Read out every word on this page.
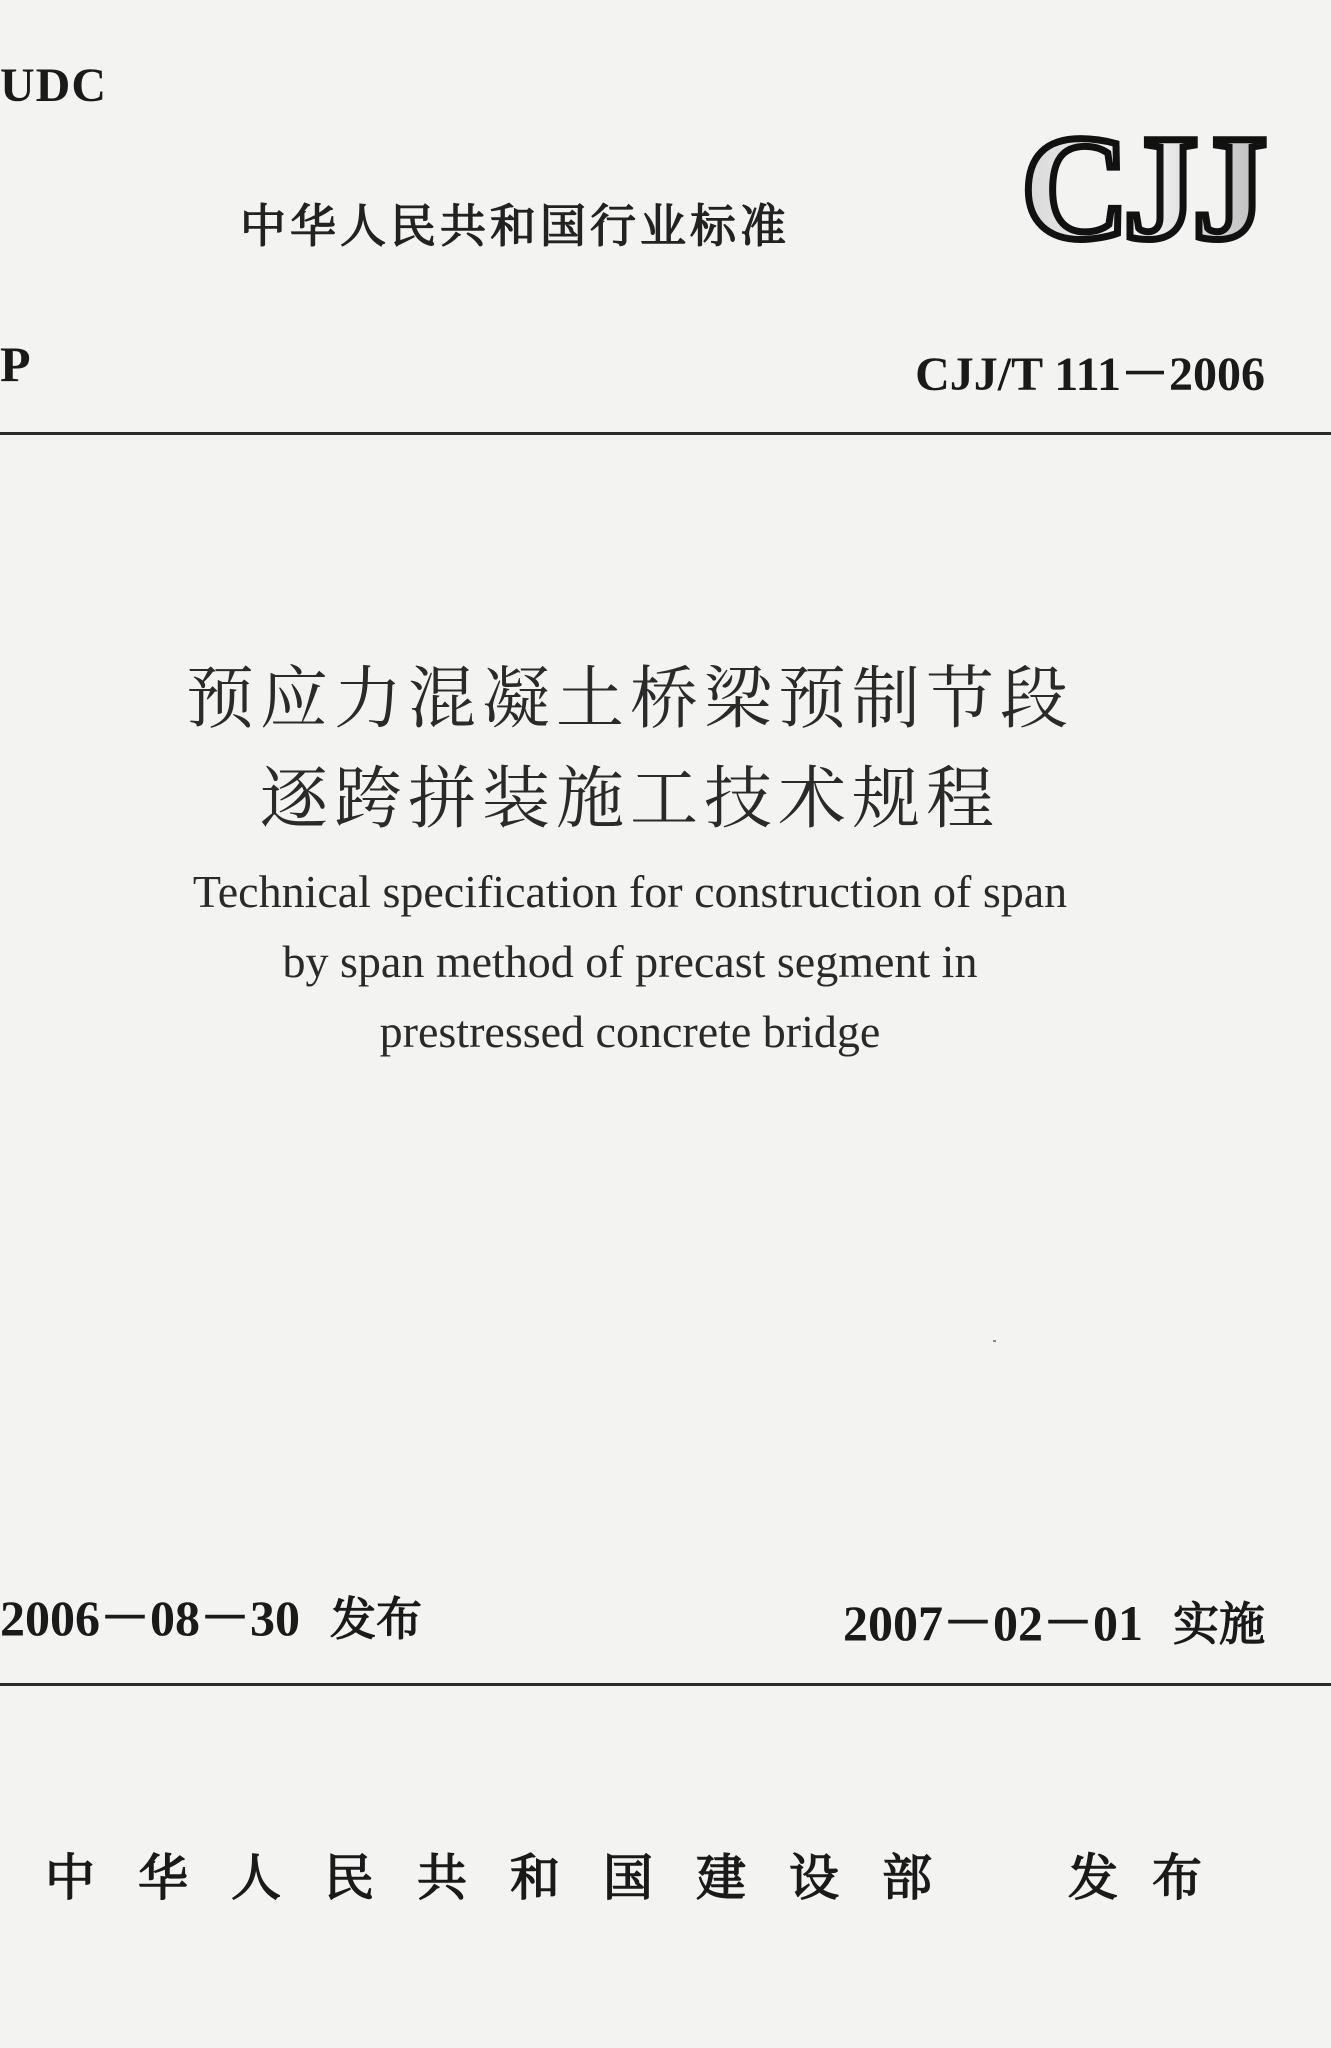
UDC
中华人民共和国行业标准 CJJ
P	CJJ/T 111－2006
预应力混凝土桥梁预制节段
逐跨拼装施工技术规程
Technical specification for construction of span
by span method of precast segment in
prestressed concrete bridge
2006－08－30 发布	2007－02－01 实施
中华人民共和国建设部 发布
